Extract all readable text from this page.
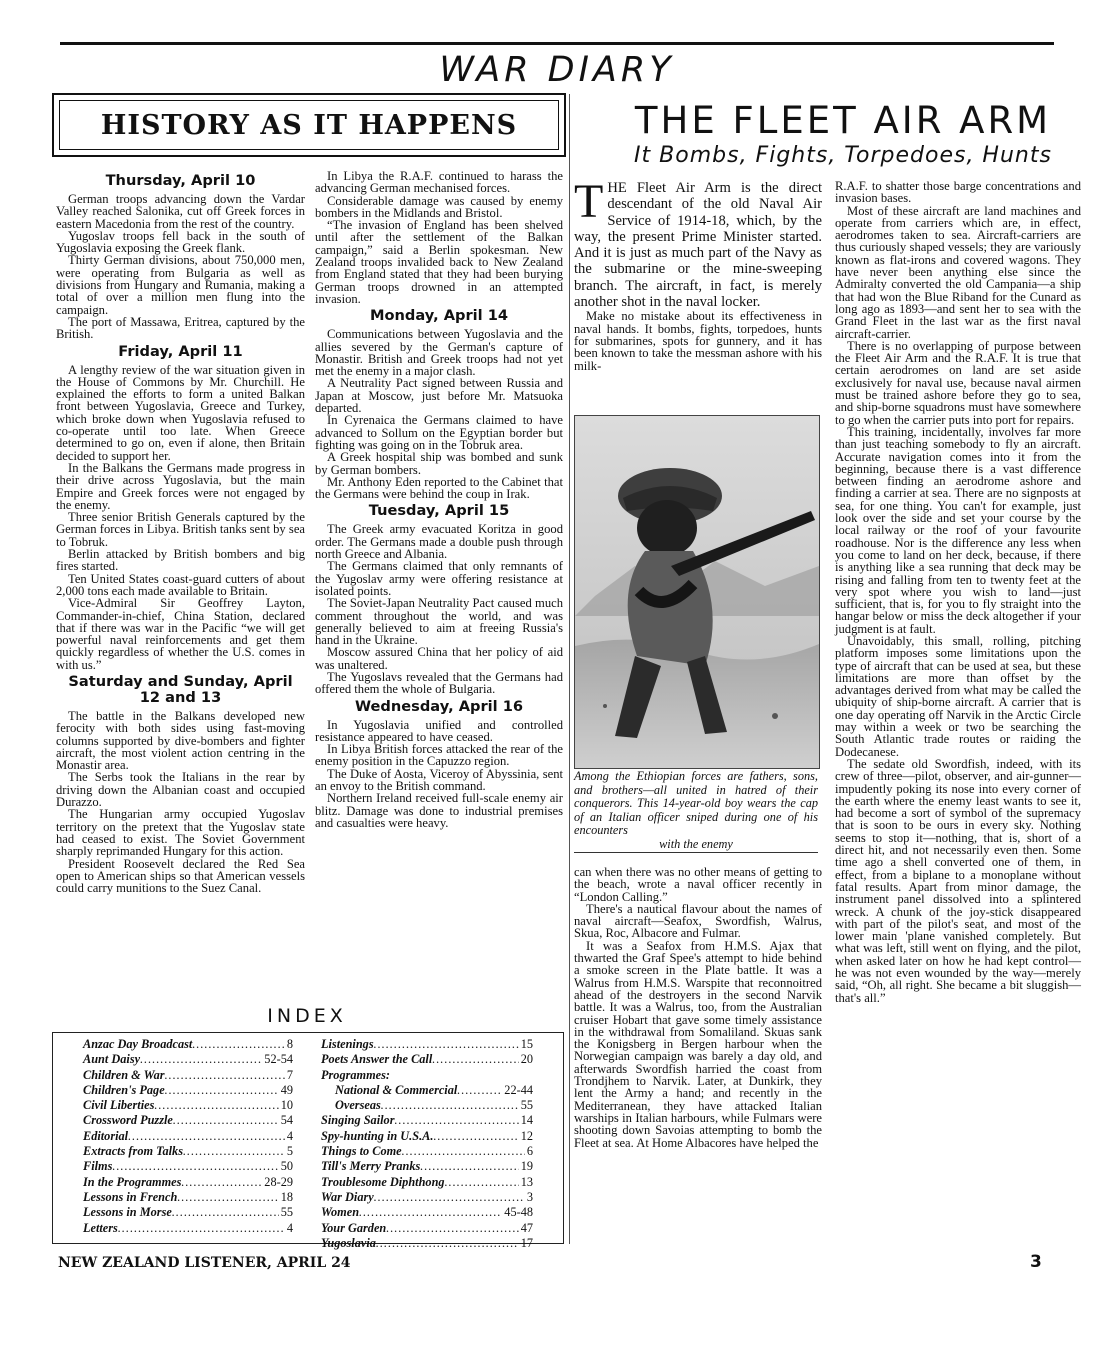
WAR DIARY
HISTORY AS IT HAPPENS
Thursday, April 10

German troops advancing down the Vardar Valley reached Salonika, cut off Greek forces in eastern Macedonia from the rest of the country.

Yugoslav troops fell back in the south of Yugoslavia exposing the Greek flank.

Thirty German divisions, about 750,000 men, were operating from Bulgaria as well as divisions from Hungary and Rumania, making a total of over a million men flung into the campaign.

The port of Massawa, Eritrea, captured by the British.

Friday, April 11

A lengthy review of the war situation given in the House of Commons by Mr. Churchill. He explained the efforts to form a united Balkan front between Yugoslavia, Greece and Turkey, which broke down when Yugoslavia refused to co-operate until too late. When Greece determined to go on, even if alone, then Britain decided to support her.

In the Balkans the Germans made progress in their drive across Yugoslavia, but the main Empire and Greek forces were not engaged by the enemy.

Three senior British Generals captured by the German forces in Libya. British tanks sent by sea to Tobruk.

Berlin attacked by British bombers and big fires started.

Ten United States coast-guard cutters of about 2,000 tons each made available to Britain.

Vice-Admiral Sir Geoffrey Layton, Commander-in-chief, China Station, declared that if there was war in the Pacific “we will get powerful naval reinforcements and get them quickly regardless of whether the U.S. comes in with us.”

Saturday and Sunday, April 12 and 13

The battle in the Balkans developed new ferocity with both sides using fast-moving columns supported by dive-bombers and fighter aircraft, the most violent action centring in the Monastir area.

The Serbs took the Italians in the rear by driving down the Albanian coast and occupied Durazzo.

The Hungarian army occupied Yugoslav territory on the pretext that the Yugoslav state had ceased to exist. The Soviet Government sharply reprimanded Hungary for this action.

President Roosevelt declared the Red Sea open to American ships so that American vessels could carry munitions to the Suez Canal.

In Libya the R.A.F. continued to harass the advancing German mechanised forces.

Considerable damage was caused by enemy bombers in the Midlands and Bristol.

“The invasion of England has been shelved until after the settlement of the Balkan campaign,” said a Berlin spokesman. New Zealand troops invalided back to New Zealand from England stated that they had been burying German troops drowned in an attempted invasion.

Monday, April 14

Communications between Yugoslavia and the allies severed by the German's capture of Monastir. British and Greek troops had not yet met the enemy in a major clash.

A Neutrality Pact signed between Russia and Japan at Moscow, just before Mr. Matsuoka departed.

In Cyrenaica the Germans claimed to have advanced to Sollum on the Egyptian border but fighting was going on in the Tobruk area.

A Greek hospital ship was bombed and sunk by German bombers.

Mr. Anthony Eden reported to the Cabinet that the Germans were behind the coup in Irak.

Tuesday, April 15

The Greek army evacuated Koritza in good order. The Germans made a double push through north Greece and Albania.

The Germans claimed that only remnants of the Yugoslav army were offering resistance at isolated points.

The Soviet-Japan Neutrality Pact caused much comment throughout the world, and was generally believed to aim at freeing Russia's hand in the Ukraine.

Moscow assured China that her policy of aid was unaltered.

The Yugoslavs revealed that the Germans had offered them the whole of Bulgaria.

Wednesday, April 16

In Yugoslavia unified and controlled resistance appeared to have ceased.

In Libya British forces attacked the rear of the enemy position in the Capuzzo region.

The Duke of Aosta, Viceroy of Abyssinia, sent an envoy to the British command.

Northern Ireland received full-scale enemy air blitz. Damage was done to industrial premises and casualties were heavy.

INDEX
Anzac Day Broadcast .....	8
Aunt Daisy .....	52-54
Children & War .....	7
Children's Page .....	49
Civil Liberties .....	10
Crossword Puzzle .....	54
Editorial .....	4
Extracts from Talks .....	5
Films .....	50
In the Programmes .....	28-29
Lessons in French .....	18
Lessons in Morse .....	55
Letters .....	4
Listenings .....	15
Poets Answer the Call .....	20
Programmes:
National & Commercial .....	22-44
Overseas .....	55
Singing Sailor .....	14
Spy-hunting in U.S.A. .....	12
Things to Come .....	6
Till's Merry Pranks .....	19
Troublesome Diphthong .....	13
War Diary .....	3
Women .....	45-48
Your Garden .....	47
Yugoslavia .....	17
THE FLEET AIR ARM
It Bombs, Fights, Torpedoes, Hunts

THE Fleet Air Arm is the direct descendant of the old Naval Air Service of 1914-18, which, by the way, the present Prime Minister started. And it is just as much part of the Navy as the submarine or the mine-sweeping branch. The aircraft, in fact, is merely another shot in the naval locker.

Make no mistake about its effectiveness in naval hands. It bombs, fights, torpedoes, hunts for submarines, spots for gunnery, and it has been known to take the messman ashore with his milk-

Among the Ethiopian forces are fathers, sons, and brothers—all united in hatred of their conquerors. This 14-year-old boy wears the cap of an Italian officer sniped during one of his encounters
with the enemy

can when there was no other means of getting to the beach, wrote a naval officer recently in “London Calling.”

There's a nautical flavour about the names of naval aircraft—Seafox, Swordfish, Walrus, Skua, Roc, Albacore and Fulmar.

It was a Seafox from H.M.S. Ajax that thwarted the Graf Spee's attempt to hide behind a smoke screen in the Plate battle. It was a Walrus from H.M.S. Warspite that reconnoitred ahead of the destroyers in the second Narvik battle. It was a Walrus, too, from the Australian cruiser Hobart that gave some timely assistance in the withdrawal from Somaliland. Skuas sank the Konigsberg in Bergen harbour when the Norwegian campaign was barely a day old, and afterwards Swordfish harried the coast from Trondjhem to Narvik. Later, at Dunkirk, they lent the Army a hand; and recently in the Mediterranean, they have attacked Italian warships in Italian harbours, while Fulmars were shooting down Savoias attempting to bomb the Fleet at sea. At Home Albacores have helped the

R.A.F. to shatter those barge concentrations and invasion bases.

Most of these aircraft are land machines and operate from carriers which are, in effect, aerodromes taken to sea. Aircraft-carriers are thus curiously shaped vessels; they are variously known as flat-irons and covered wagons. They have never been anything else since the Admiralty converted the old Campania—a ship that had won the Blue Riband for the Cunard as long ago as 1893—and sent her to sea with the Grand Fleet in the last war as the first naval aircraft-carrier.

There is no overlapping of purpose between the Fleet Air Arm and the R.A.F. It is true that certain aerodromes on land are set aside exclusively for naval use, because naval airmen must be trained ashore before they go to sea, and ship-borne squadrons must have somewhere to go when the carrier puts into port for repairs.

This training, incidentally, involves far more than just teaching somebody to fly an aircraft. Accurate navigation comes into it from the beginning, because there is a vast difference between finding an aerodrome ashore and finding a carrier at sea. There are no signposts at sea, for one thing. You can't for example, just look over the side and set your course by the local railway or the roof of your favourite roadhouse. Nor is the difference any less when you come to land on her deck, because, if there is anything like a sea running that deck may be rising and falling from ten to twenty feet at the very spot where you wish to land—just sufficient, that is, for you to fly straight into the hangar below or miss the deck altogether if your judgment is at fault.

Unavoidably, this small, rolling, pitching platform imposes some limitations upon the type of aircraft that can be used at sea, but these limitations are more than offset by the advantages derived from what may be called the ubiquity of ship-borne aircraft. A carrier that is one day operating off Narvik in the Arctic Circle may within a week or two be searching the South Atlantic trade routes or raiding the Dodecanese.

The sedate old Swordfish, indeed, with its crew of three—pilot, observer, and air-gunner—impudently poking its nose into every corner of the earth where the enemy least wants to see it, had become a sort of symbol of the supremacy that is soon to be ours in every sky. Nothing seems to stop it—nothing, that is, short of a direct hit, and not necessarily even then. Some time ago a shell converted one of them, in effect, from a biplane to a monoplane without fatal results. Apart from minor damage, the instrument panel dissolved into a splintered wreck. A chunk of the joy-stick disappeared with part of the pilot's seat, and most of the lower main 'plane vanished completely. But what was left, still went on flying, and the pilot, when asked later on how he had kept control—he was not even wounded by the way—merely said, “Oh, all right. She became a bit sluggish—that's all.”

NEW ZEALAND LISTENER, APRIL 24	3
